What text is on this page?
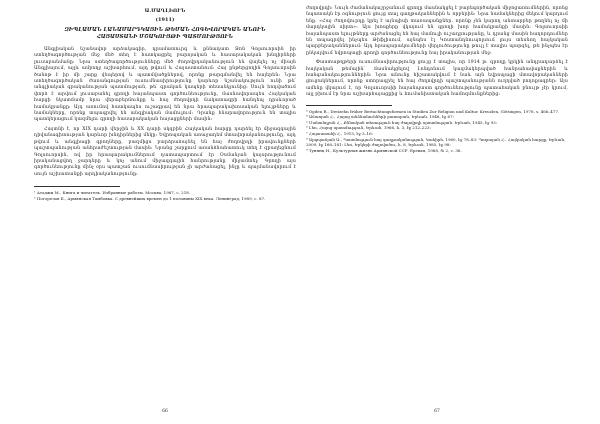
Ա.ՄԱՂԼԻՈՒՆ
(1911)
ԶԻՊԼԱՄԱՆ ԼԱՆԱՄԱՐԴԿԱՅԻՆ ԹԵՄԱՆ ՀՈԳԵՎՈՐԱԿԱՆ ԱՆՈՒՆ
ՀԱՅԱՍՏԱՆԻ ՄՇԱԿՈՒՅԹԻ ՊԱՏՄՈՒԹՅՈՒՆ

Անգլիական նշանավոր արձակագիր, դրամատուրգ և քննադատ Ջոն Գոլսուորսին իր ստեղծագործության մեջ մեծ տեղ է հատկացրել բարոյական և հասարակական խնդիրների լուսաբանմանը։ Նրա ստեղծագործությունները մեծ ժողովրդականություն են վայելել ոչ միայն Անգլիայում, այլև ամբողջ աշխարհում, այդ թվում և Հայաստանում։ Հայ ընթերցողին Գոլսուորսին ծանոթ է իր մի շարք վեպերով և պատմվածքներով, որոնք թարգմանվել են հայերեն։ Նրա ստեղծագործական ժառանգության ուսումնասիրությունը կարևոր նշանակություն ունի թե՛ անգլիական գրականության պատմության, թե՛ գրական կապերի տեսանկյունից։ Սույն հոդվածում փորձ է արվում լուսաբանել գրողի հայանպաստ գործունեությունը, մասնավորապես Հայկական հարցի նկատմամբ նրա վերաբերմունքը և հայ ժողովրդի ճակատագրի հանդեպ դրսևորած համակրանքը։ Այդ առումով հատկապես ուշագրավ են նրա հրապարակախոսական ելույթները և նամակները, որոնք տպագրվել են անգլիական մամուլում։ Դրանք հնարավորություն են տալիս պատկերացում կազմելու գրողի հասարակական հայացքների մասին։

Հայտնի է, որ XIX դարի վերջին և XX դարի սկզբին Հայկական հարցը դարձել էր միջազգային դիվանագիտության կարևոր խնդիրներից մեկը։ Եվրոպական առաջադեմ մտավորականությունը, այդ թվում և անգլիացի գրողները, բազմիցս բարձրաձայնել են հայ ժողովրդի իրավունքների պաշտպանության անհրաժեշտության մասին։ Նրանց շարքում առանձնահատուկ տեղ է զբաղեցնում Գոլսուորսին, ով իր հրապարակումներում դատապարտում էր Օսմանյան կայսրությունում իրականացվող ջարդերը և կոչ անում միջազգային հանրությանը միջամտել։ Գրողի այս գործունեությունը մինչ օրս պատշաճ ուսումնասիրության չի արժանացել, ինչը և պայմանավորում է սույն աշխատանքի արդիականությունը։

¹ Атаджи М., Книга и читатель. Избранные работы. Москва, 1987, с. 218.
² Погорелов Б., Армянская Тамбовка. С древнейших времен до 1 половины XIX века. Ленинград, 1989, с. 87.
66

ժողովրդի։ Նույն ժամանակաշրջանում գրողը մասնակցել է բարեգործական միջոցառումներին, որոնց նպատակն էր օգնություն ցույց տալ գաղթականներին և որբերին։ Նրա նամակներից մեկում կարդում ենք. «Հայ ժողովուրդը կրել է այնպիսի տառապանքներ, որոնք չեն կարող անտարբեր թողնել ոչ մի մարդկային սիրտ»։ Այս խոսքերը վկայում են գրողի խոր համակրանքի մասին։ Գոլսուորսիի հայանպաստ ելույթները արժանացել են հայ մամուլի ուշադրությանը, և դրանց մասին հաղորդումներ են տպագրվել ինչպես Թիֆլիսում, այնպես էլ Կոստանդնուպոլսում լույս տեսնող հայկական պարբերականներում։ Այդ հրապարակումների վերլուծությունը թույլ է տալիս պարզել, թե ինչպես էր ընկալվում եվրոպացի գրողի գործունեությունը հայ իրականության մեջ։

Փաստաթղթերի ուսումնասիրությունը ցույց է տալիս, որ 1914 թ. գրողը կրկին անդրադարձել է հայկական թեմային՝ մասնակցելով Լոնդոնում կազմակերպված հանրահավաքներին և հանգանակություններին։ Նրա անունը հիշատակվում է նաև այն եվրոպացի մտավորականների ցուցակներում, որոնք ստորագրել են հայ ժողովրդի պաշտպանությանն ուղղված բողոքագրեր։ Այս ամենը վկայում է, որ Գոլսուորսիի հայանպաստ գործունեությունը պատահական բնույթ չէր կրում, այլ բխում էր նրա աշխարհայացքից և հումանիստական համոզմունքներից։

³ Ogden R., Dreizehn früher Bertachtungsformen in Studien Zur Religion und Kultur. Kreuzlen, Göttingen, 1978, s. 466–477.
⁴ Աճառյան Հ., Հայոց անձնանունների բառարան, Երևան, 1946, էջ 67։
⁵ Մանանդյան Հ., Քննական տեսություն հայ ժողովրդի պատմության, Երևան, 1945, էջ 93։
⁶ Լեո, Հայոց պատմություն, Երևան, 1966, հ. 3, էջ 212–223։
⁷ Հայաստանի Հ., 1915, էջ 3–16։
⁸ Ալպոյաճյան Ա., Պատմություն հայ գաղթականության, Կահիրե, 1960, էջ 78–83։ Պողոսյան Հ., Հայկական հարցը, Երևան, 2009, էջ 168–181։ Լեո, Երկերի ժողովածու, հ. 8, Երևան, 1985, էջ 98։
⁹ Тунянц Н., Культурная жизнь Армянской ССР. Ереван, 1968, № 2, с. 36.
67
